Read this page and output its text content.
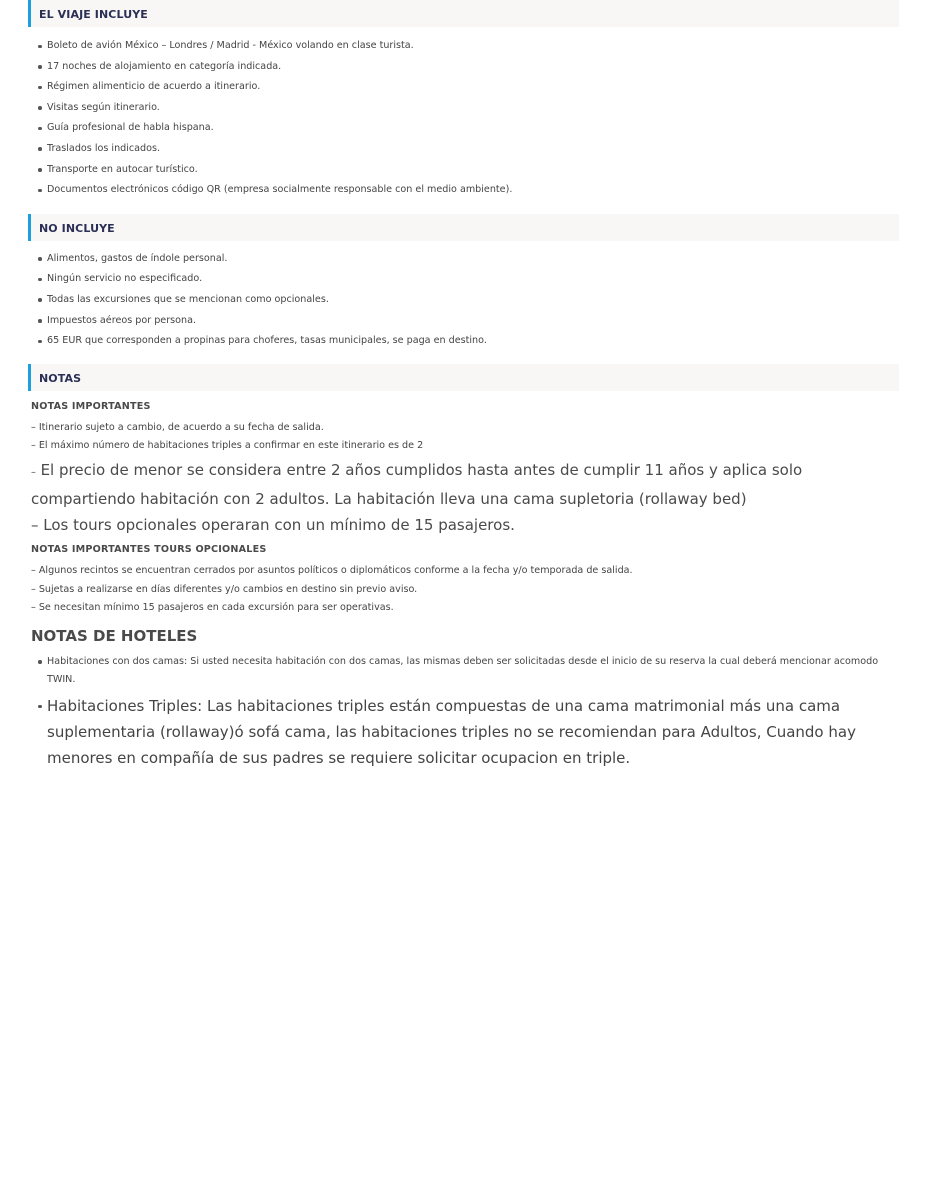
EL VIAJE INCLUYE
Boleto de avión México – Londres / Madrid - México volando en clase turista.
17 noches de alojamiento en categoría indicada.
Régimen alimenticio de acuerdo a itinerario.
Visitas según itinerario.
Guía profesional de habla hispana.
Traslados los indicados.
Transporte en autocar turístico.
Documentos electrónicos código QR (empresa socialmente responsable con el medio ambiente).
NO INCLUYE
Alimentos, gastos de índole personal.
Ningún servicio no especificado.
Todas las excursiones que se mencionan como opcionales.
Impuestos aéreos por persona.
65 EUR que corresponden a propinas para choferes, tasas municipales, se paga en destino.
NOTAS
NOTAS IMPORTANTES
– Itinerario sujeto a cambio, de acuerdo a su fecha de salida.
– El máximo número de habitaciones triples a confirmar en este itinerario es de 2
– El precio de menor se considera entre 2 años cumplidos hasta antes de cumplir 11 años y aplica solo compartiendo habitación con 2 adultos. La habitación lleva una cama supletoria (rollaway bed)
– Los tours opcionales operaran con un mínimo de 15 pasajeros.
NOTAS IMPORTANTES TOURS OPCIONALES
– Algunos recintos se encuentran cerrados por asuntos políticos o diplomáticos conforme a la fecha y/o temporada de salida.
– Sujetas a realizarse en días diferentes y/o cambios en destino sin previo aviso.
– Se necesitan mínimo 15 pasajeros en cada excursión para ser operativas.
NOTAS DE HOTELES
Habitaciones con dos camas: Si usted necesita habitación con dos camas, las mismas deben ser solicitadas desde el inicio de su reserva la cual deberá mencionar acomodo TWIN.
Habitaciones Triples: Las habitaciones triples están compuestas de una cama matrimonial más una cama suplementaria (rollaway)ó sofá cama, las habitaciones triples no se recomiendan para Adultos, Cuando hay menores en compañía de sus padres se requiere solicitar ocupacion en triple.
